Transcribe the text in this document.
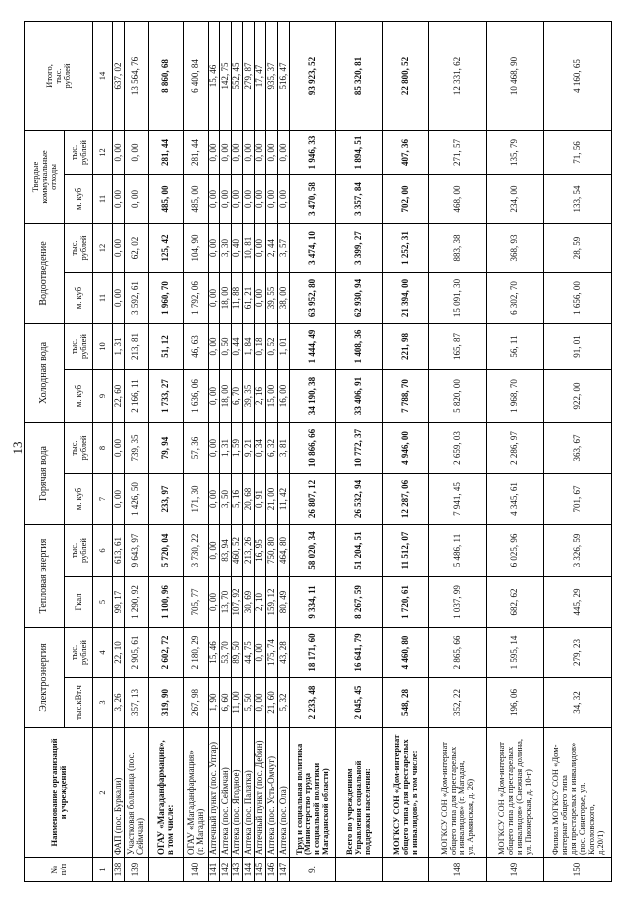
13
№
п/п	Наименование организаций
и учреждений	Электроэнергия		Тепловая энергия		Горячая вода		Холодная вода		Водоотведение		Твердые
коммунальные
отходы		Итого,
тыс.
рублей
		тыс.кВт.ч	тыс.
рублей	Гкал	тыс.
рублей	м. куб	тыс.
рублей	м. куб	тыс.
рублей	м. куб	тыс.
рублей	м. куб	тыс.
рублей	
1	2	3	4	5	6	7	8	9	10	11	12	11	12	14
138	ФАП (пос. Буркали)	3, 26	22, 10	99, 17	613, 61	0, 00	0, 00	22, 60	1, 31	0, 00	0, 00	0, 00	0, 00	637, 02
139	Участковая больница (пос. Сеймчан)	357, 13	2 905, 61	1 290, 92	9 643, 97	1 426, 50	739, 35	2 166, 11	213, 81	3 592, 61	62, 02	0, 00	0, 00	13 564, 76
	ОГАУ «Магаданфармация»,
в том числе:	319, 90	2 602, 72	1 100, 96	5 720, 04	233, 97	79, 94	1 733, 27	51, 12	1 960, 70	125, 42	485, 00	281, 44	8 860, 68
140	ОГАУ «Магаданфармация»
(г. Магадан)	267, 98	2 180, 29	705, 77	3 730, 22	171, 30	57, 36	1 636, 06	46, 63	1 792, 06	104, 90	485, 00	281, 44	6 400, 84
141	Аптечный пункт (пос. Уптар)	1, 90	15, 46	0, 00	0, 00	0, 00	0, 00	0, 00	0, 00	0, 00	0, 00	0, 00	0, 00	15, 46
142	Аптека (пос. Сеймчан)	6, 60	53, 70	13, 70	83, 94	3, 50	1, 31	18, 00	0, 50	18, 00	3, 30	0, 00	0, 00	142, 75
143	Аптека (пос. Ягодное)	11, 00	89, 50	107, 92	460, 52	5, 16	1, 59	6, 70	0, 44	11, 88	0, 40	0, 00	0, 00	552, 45
144	Аптека (пос. Палатка)	5, 50	44, 75	30, 69	213, 26	20, 68	9, 21	39, 35	1, 84	61, 21	10, 81	0, 00	0, 00	279, 87
145	Аптечный пункт (пос. Дебин)	0, 00	0, 00	2, 10	16, 95	0, 91	0, 34	2, 16	0, 18	0, 00	0, 00	0, 00	0, 00	17, 47
146	Аптека (пос. Усть-Омчуг)	21, 60	175, 74	159, 12	750, 80	21, 00	6, 32	15, 00	0, 52	39, 55	2, 44	0, 00	0, 00	935, 37
147	Аптека (пос. Ола)	5, 32	43, 28	80, 49	464, 80	11, 42	3, 81	16, 00	1, 01	38, 00	3, 57	0, 00	0, 00	516, 47
9.	Труд и социальная политика
(Министерство труда
и социальной политики
Магаданской области)	2 233, 48	18 171, 60	9 334, 11	58 020, 34	26 807, 12	10 866, 66	34 190, 38	1 444, 49	63 952, 80	3 474, 10	3 470, 58	1 946, 33	93 923, 52
	Всего по учреждениям
Управления социальной
поддержки населения:	2 045, 45	16 641, 79	8 267, 59	51 204, 51	26 532, 94	10 772, 37	33 406, 91	1 408, 36	62 930, 94	3 399, 27	3 357, 84	1 894, 51	85 320, 81
	МОГКСУ СОН «Дом-интернат
общего типа для престарелых
и инвалидов», в том числе:	548, 28	4 460, 80	1 720, 61	11 512, 07	12 287, 06	4 946, 00	7 788, 70	221, 98	21 394, 00	1 252, 31	702, 00	407, 36	22 800, 52
148	МОГКСУ СОН «Дом-интернат
общего типа для престарелых
и инвалидов» (г. Магадан,
ул. Армянская, д. 26)	352, 22	2 865, 66	1 037, 99	5 486, 11	7 941, 45	2 659, 03	5 820, 00	165, 87	15 091, 30	883, 38	468, 00	271, 57	12 331, 62
149	МОГКСУ СОН «Дом-интернат
общего типа для престарелых
и инвалидов» (Снежная долина,
ул. Пионерская, д. 10-г)	196, 06	1 595, 14	682, 62	6 025, 96	4 345, 61	2 286, 97	1 968, 70	56, 11	6 302, 70	368, 93	234, 00	135, 79	10 468, 90
150	Филиал МОГКСУ СОН «Дом-
интернат общего типа
для престарелых и инвалидов»
(пос. Синегорье, ул. Коголовского,
д.20/1)	34, 32	279, 23	445, 29	3 326, 59	701, 67	363, 67	922, 00	91, 01	1 656, 00	28, 59	133, 54	71, 56	4 160, 65
